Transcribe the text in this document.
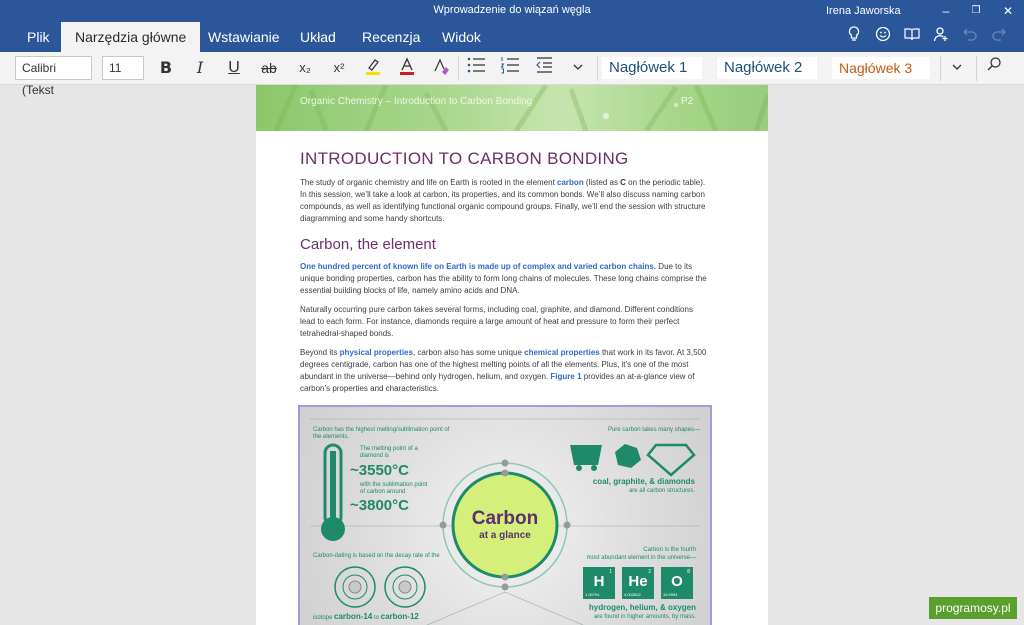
Wprowadzenie do wiązań węgla	Irena Jaworska	–	❐	✕
Plik	Narzędzia główne	Wstawianie	Układ	Recenzja	Widok
Calibri (Tekst
11	B	I	U	ab	x₂	x²	Nagłówek 1	Nagłówek 2	Nagłówek 3
Organic Chemistry – Introduction to Carbon Bonding	P2
INTRODUCTION TO CARBON BONDING
The study of organic chemistry and life on Earth is rooted in the element carbon (listed as C on the periodic table). In this session, we’ll take a look at carbon, its properties, and its common bonds. We’ll also discuss naming carbon compounds, as well as identifying functional organic compound groups. Finally, we’ll end the session with structure diagramming and some handy shortcuts.
Carbon, the element
One hundred percent of known life on Earth is made up of complex and varied carbon chains. Due to its unique bonding properties, carbon has the ability to form long chains of molecules. These long chains comprise the essential building blocks of life, namely amino acids and DNA.
Naturally occurring pure carbon takes several forms, including coal, graphite, and diamond. Different conditions lead to each form. For instance, diamonds require a large amount of heat and pressure to form their perfect tetrahedral-shaped bonds.
Beyond its physical properties, carbon also has some unique chemical properties that work in its favor. At 3,500 degrees centigrade, carbon has one of the highest melting points of all the elements. Plus, it’s one of the most abundant in the universe—behind only hydrogen, helium, and oxygen. Figure 1 provides an at-a-glance view of carbon’s properties and characteristics.
Carbon has the highest melting/sublimation point of the elements.
The melting point of a diamond is
~3550°C
with the sublimation point of carbon around
~3800°C
Carbon
at a glance
Pure carbon takes many shapes—
coal, graphite, & diamonds
are all carbon structures.
Carbon-dating is based on the decay rate of the
isotope carbon-14 to carbon-12
Carbon is the fourth
most abundant element in the universe—
1
H
1.00794
2
He
4.002602
8
O
15.9994
hydrogen, helium, & oxygen
are found in higher amounts, by mass.
programosy.pl
